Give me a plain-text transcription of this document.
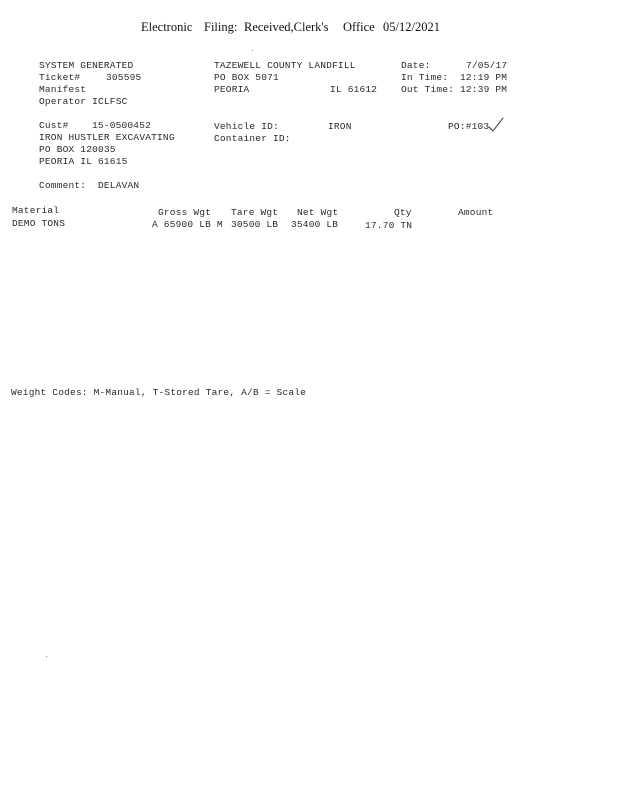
Electronic Filing: Received,Clerk's Office 05/12/2021
SYSTEM GENERATED
Ticket#	305595
Manifest
Operator ICLFSC
TAZEWELL COUNTY LANDFILL
PO BOX 5071
PEORIA	IL 61612
Date:	7/05/17
In Time: 12:19 PM
Out Time: 12:39 PM
Cust# 15-0500452
IRON HUSTLER EXCAVATING
PO BOX 120035
PEORIA IL 61615
Vehicle ID:	IRON
Container ID:
PO:#103
Comment: DELAVAN
Material	Gross Wgt Tare Wgt Net Wgt	Qty	Amount
DEMO TONS	A 65900 LB M 30500 LB 35400 LB	17.70 TN
Weight Codes: M-Manual, T-Stored Tare, A/B = Scale
